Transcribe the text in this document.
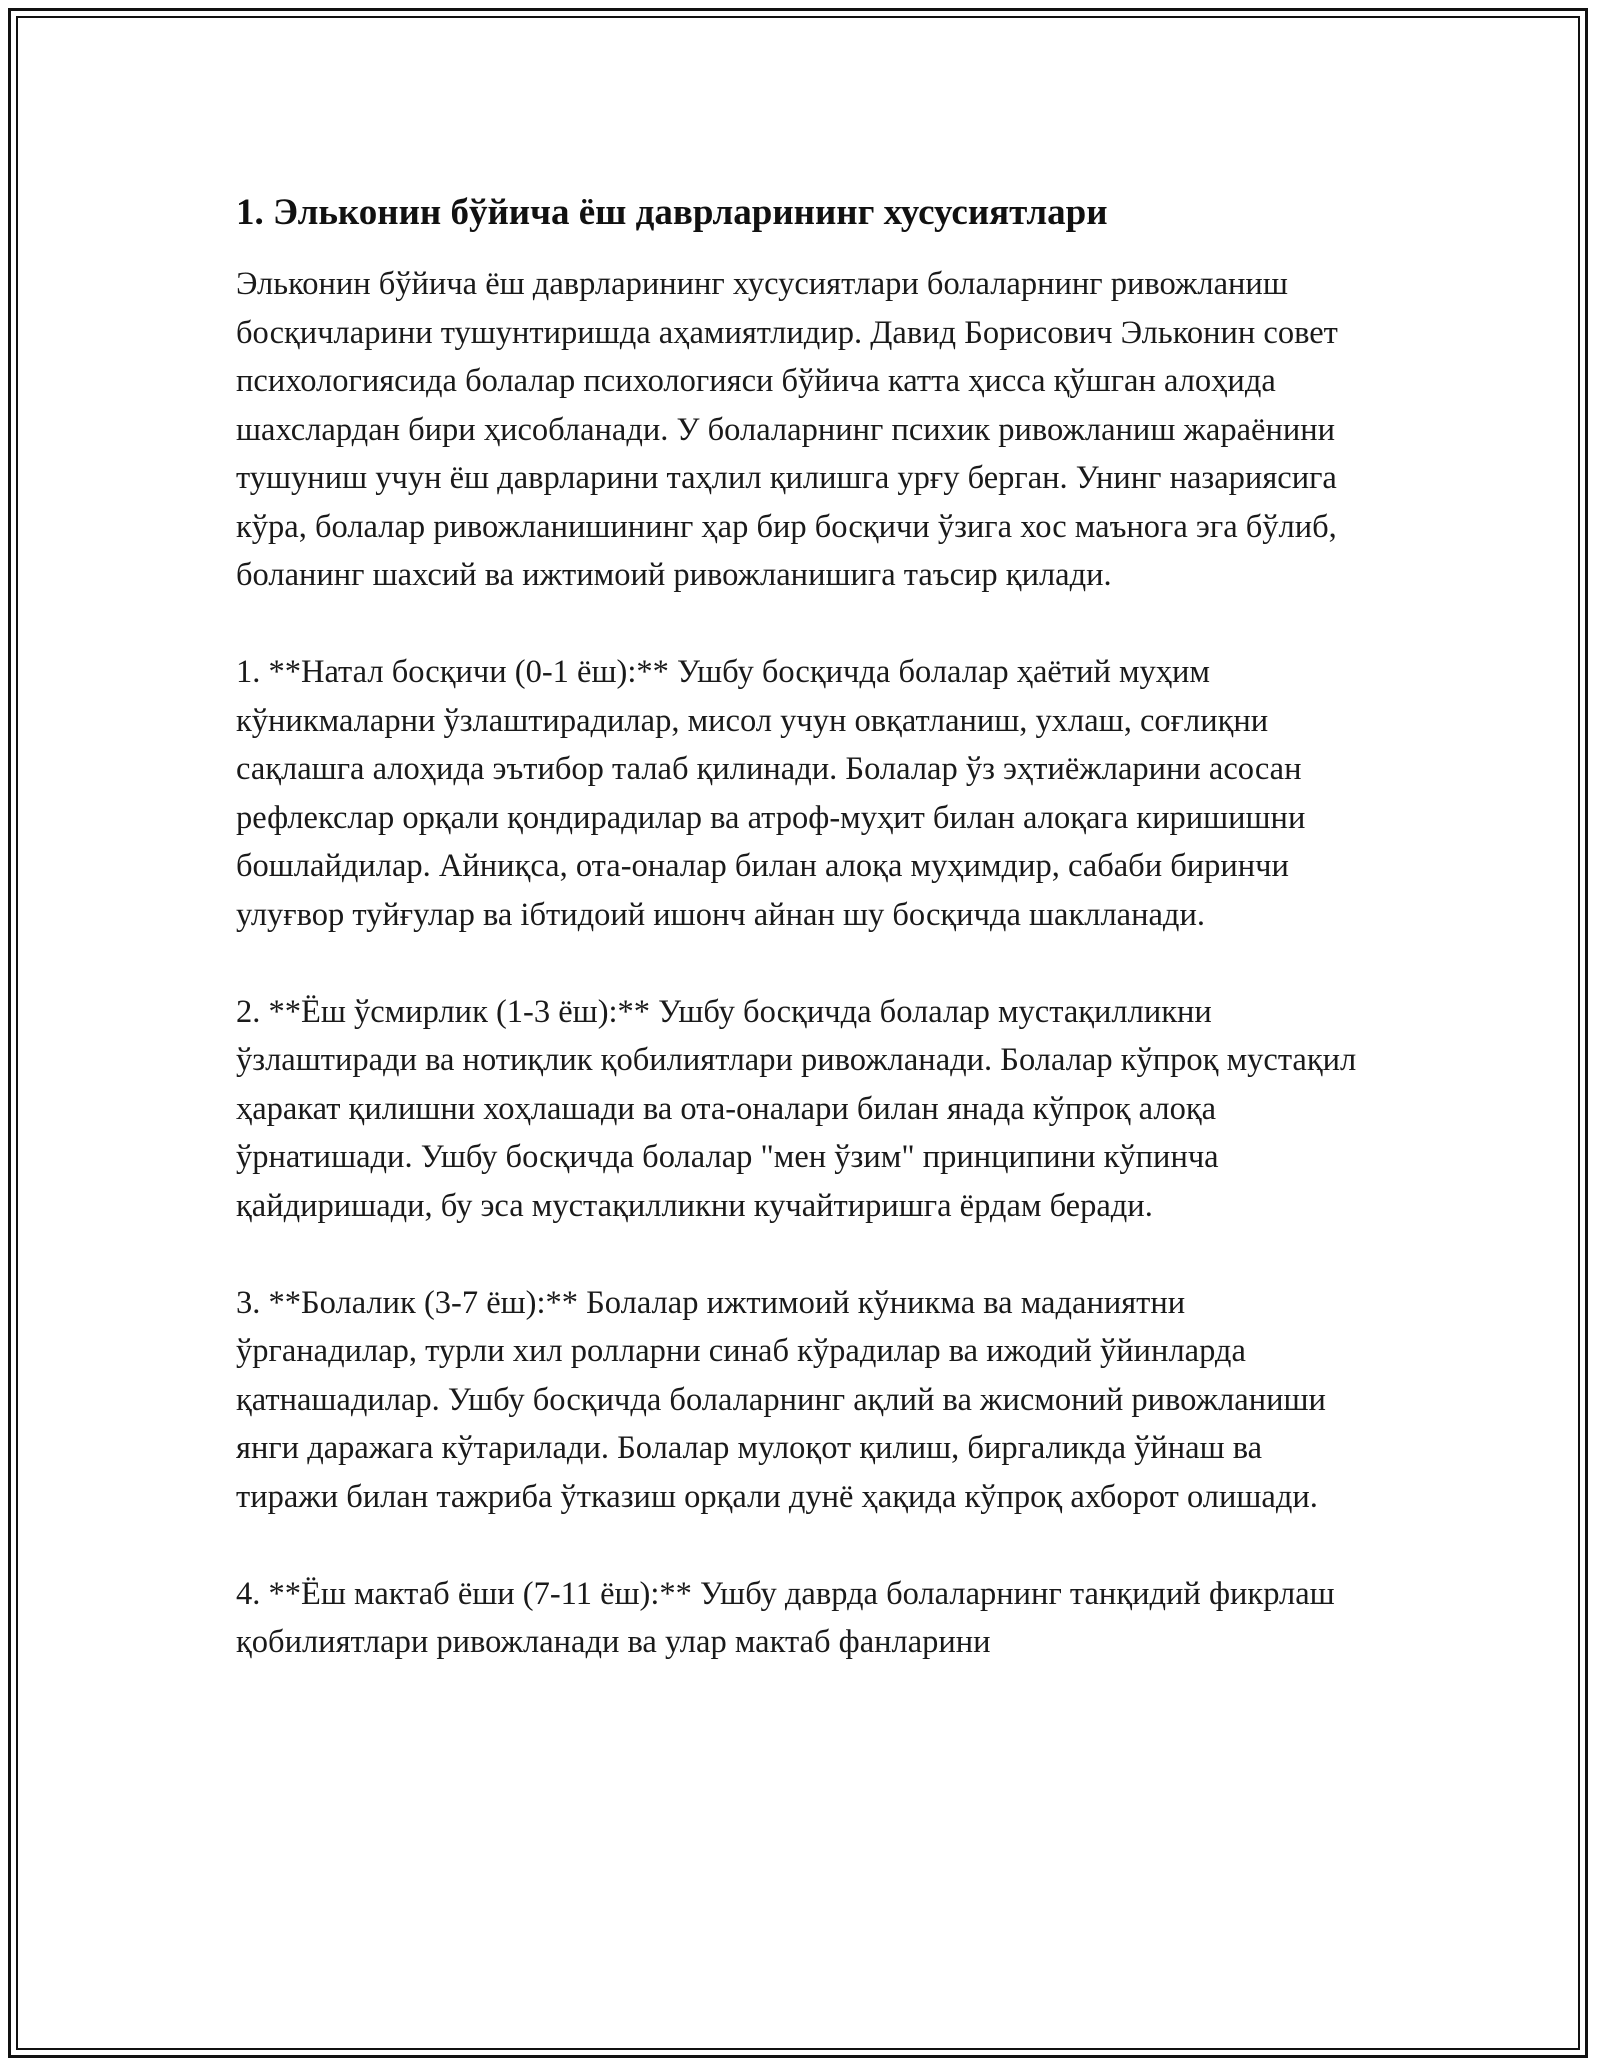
1. Эльконин бўйича ёш даврларининг хусусиятлари

Эльконин бўйича ёш даврларининг хусусиятлари болаларнинг ривожланиш босқичларини тушунтиришда аҳамиятлидир. Давид Борисович Эльконин совет психологиясида болалар психологияси бўйича катта ҳисса қўшган алоҳида шахслардан бири ҳисобланади. У болаларнинг психик ривожланиш жараёнини тушуниш учун ёш даврларини таҳлил қилишга урғу берган. Унинг назариясига кўра, болалар ривожланишининг ҳар бир босқичи ўзига хос маънога эга бўлиб, боланинг шахсий ва ижтимоий ривожланишига таъсир қилади.

1. **Натал босқичи (0-1 ёш):** Ушбу босқичда болалар ҳаётий муҳим кўникмаларни ўзлаштирадилар, мисол учун овқатланиш, ухлаш, соғлиқни сақлашга алоҳида эътибор талаб қилинади. Болалар ўз эҳтиёжларини асосан рефлекслар орқали қондирадилар ва атроф-муҳит билан алоқага киришишни бошлайдилар. Айниқса, ота-оналар билан алоқа муҳимдир, сабаби биринчи улуғвор туйғулар ва iбтидоий ишонч айнан шу босқичда шаклланади.

2. **Ёш ўсмирлик (1-3 ёш):** Ушбу босқичда болалар мустақилликни ўзлаштиради ва нотиқлик қобилиятлари ривожланади. Болалар кўпроқ мустақил ҳаракат қилишни хоҳлашади ва ота-оналари билан янада кўпроқ алоқа ўрнатишади. Ушбу босқичда болалар "мен ўзим" принципини кўпинча қайдиришади, бу эса мустақилликни кучайтиришга ёрдам беради.

3. **Болалик (3-7 ёш):** Болалар ижтимоий кўникма ва маданиятни ўрганадилар, турли хил ролларни синаб кўрадилар ва ижодий ўйинларда қатнашадилар. Ушбу босқичда болаларнинг ақлий ва жисмоний ривожланиши янги даражага кўтарилади. Болалар мулоқот қилиш, биргаликда ўйнаш ва тиражи билан тажриба ўтказиш орқали дунё ҳақида кўпроқ ахборот олишади.

4. **Ёш мактаб ёши (7-11 ёш):** Ушбу даврда болаларнинг танқидий фикрлаш қобилиятлари ривожланади ва улар мактаб фанларини
